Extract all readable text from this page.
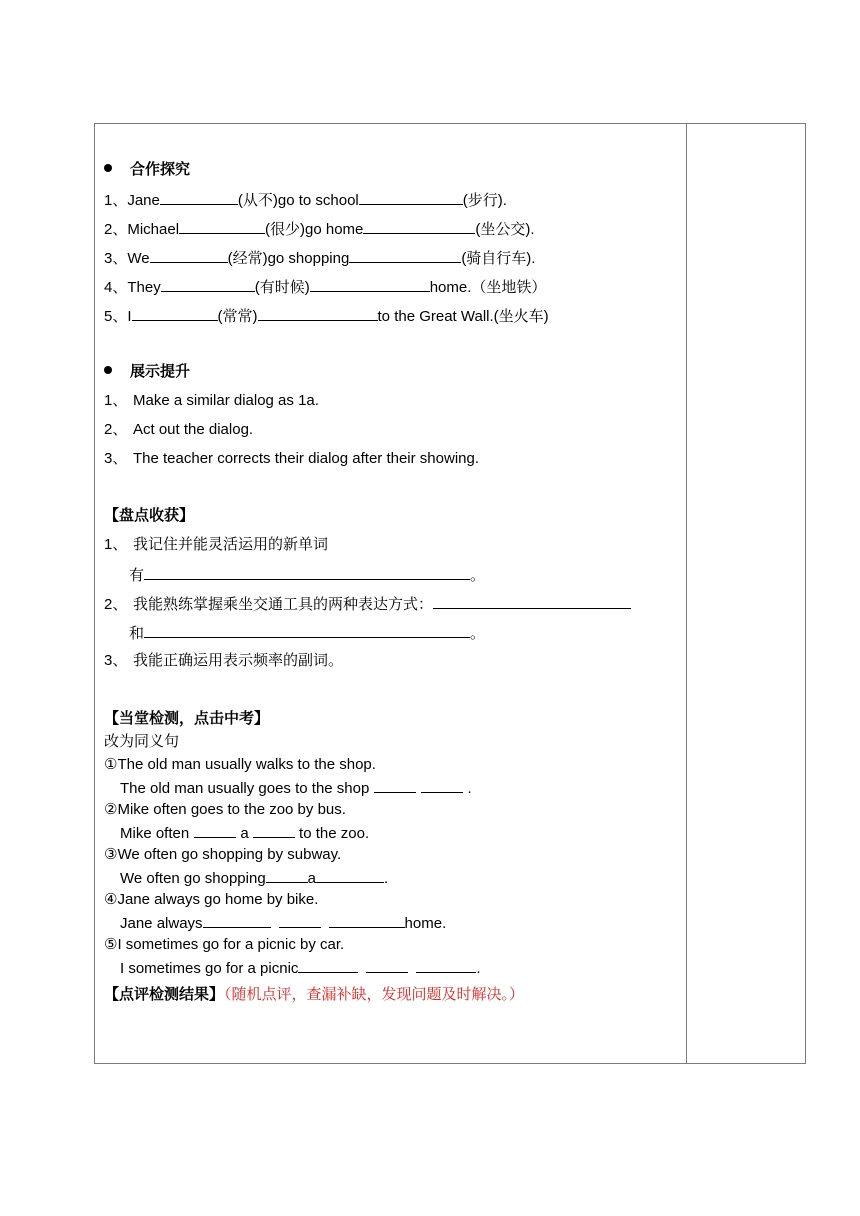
合作探究
1、Jane	(从不)go to school	(步行).
2、Michael	(很少)go home	(坐公交).
3、We	(经常)go shopping	(骑自行车).
4、They	(有时候)	home.（坐地铁）
5、I	(常常)	to the Great Wall.(坐火车)
展示提升
1、 Make a similar dialog as 1a.
2、 Act out the dialog.
3、 The teacher corrects their dialog after their showing.
【盘点收获】
1、 我记住并能灵活运用的新单词
有	。
2、 我能熟练掌握乘坐交通工具的两种表达方式：
和	。
3、 我能正确运用表示频率的副词。
【当堂检测，点击中考】
改为同义句
①The old man usually walks to the shop.
The old man usually goes to the shop	.
②Mike often goes to the zoo by bus.
Mike often	a	to the zoo.
③We often go shopping by subway.
We often go shopping	a	.
④Jane always go home by bike.
Jane always	home.
⑤I sometimes go for a picnic by car.
I sometimes go for a picnic	.
【点评检测结果】（随机点评，查漏补缺，发现问题及时解决。）
